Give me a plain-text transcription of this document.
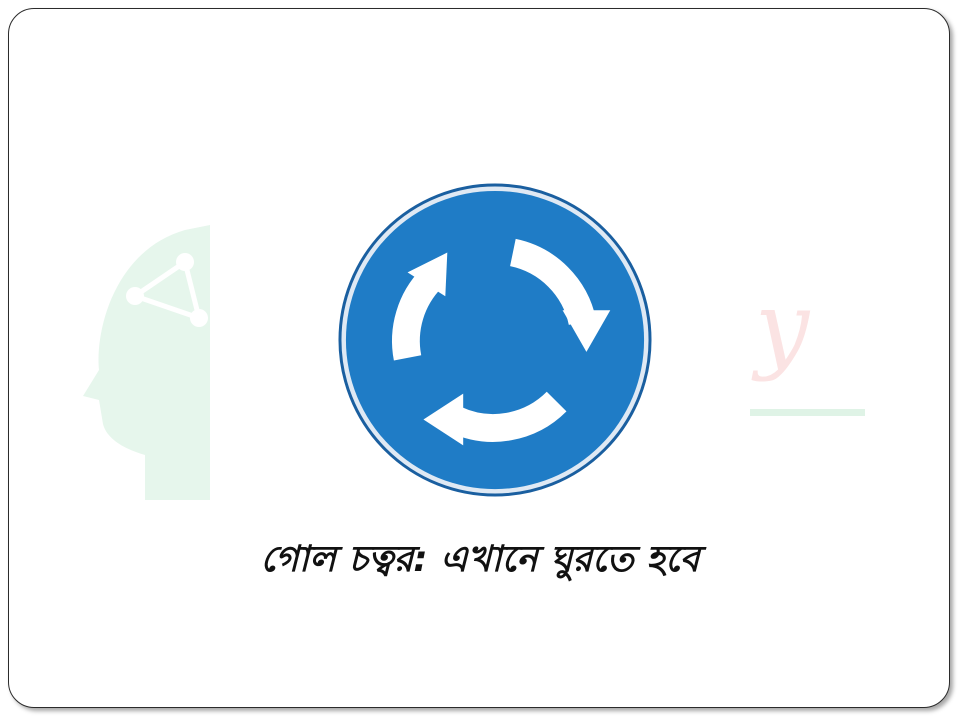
y
গোল চত্বর: এখানে ঘুরতে হবে
